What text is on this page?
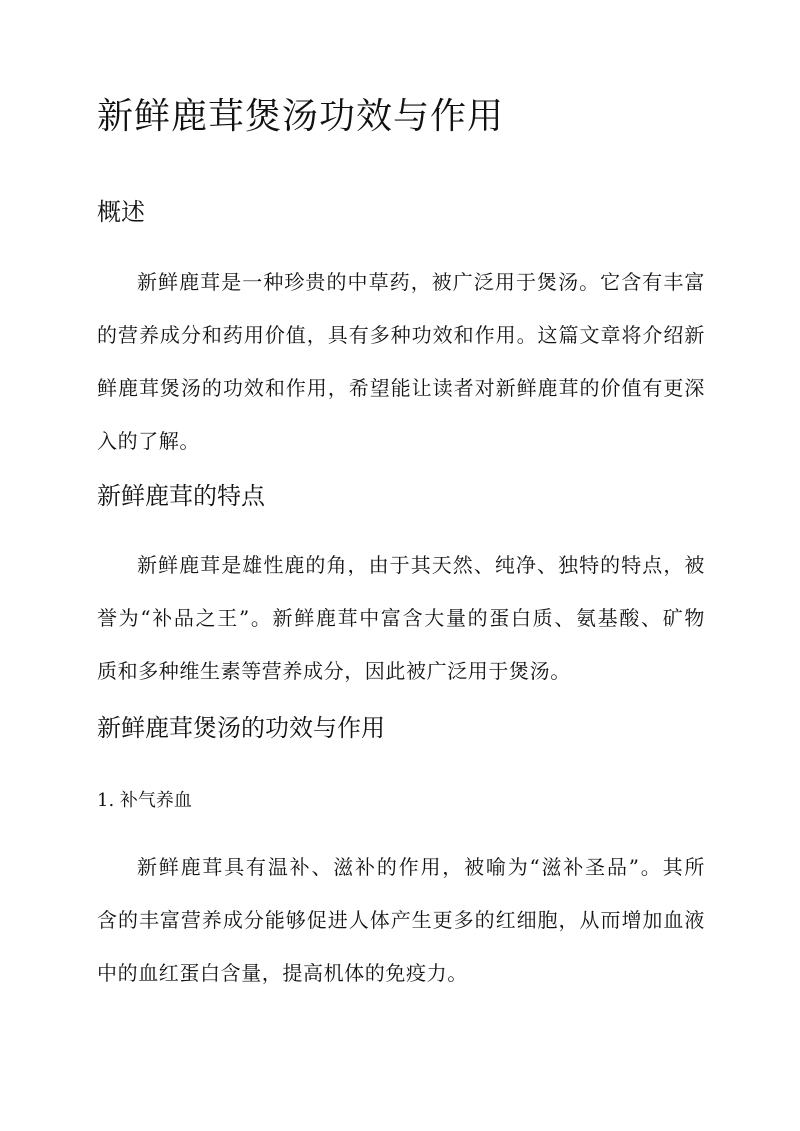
新鲜鹿茸煲汤功效与作用
概述
新鲜鹿茸是一种珍贵的中草药，被广泛用于煲汤。它含有丰富
的营养成分和药用价值，具有多种功效和作用。这篇文章将介绍新
鲜鹿茸煲汤的功效和作用，希望能让读者对新鲜鹿茸的价值有更深
入的了解。
新鲜鹿茸的特点
新鲜鹿茸是雄性鹿的角，由于其天然、纯净、独特的特点，被
誉为“补品之王”。新鲜鹿茸中富含大量的蛋白质、氨基酸、矿物
质和多种维生素等营养成分，因此被广泛用于煲汤。
新鲜鹿茸煲汤的功效与作用
1. 补气养血
新鲜鹿茸具有温补、滋补的作用，被喻为“滋补圣品”。其所
含的丰富营养成分能够促进人体产生更多的红细胞，从而增加血液
中的血红蛋白含量，提高机体的免疫力。
